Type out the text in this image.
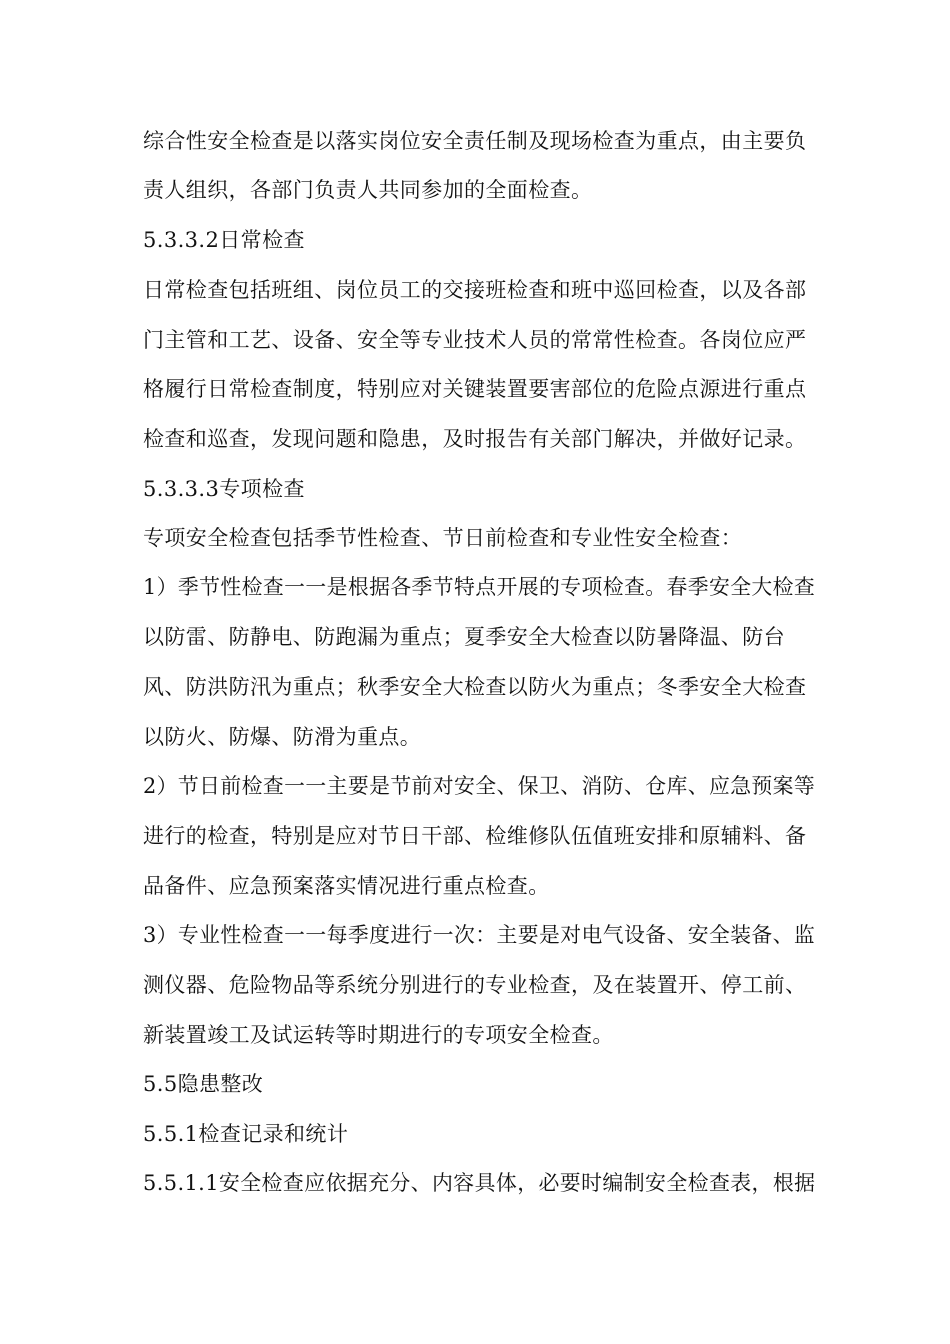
综合性安全检查是以落实岗位安全责任制及现场检查为重点，由主要负

责人组织，各部门负责人共同参加的全面检查。

5.3.3.2日常检查

日常检查包括班组、岗位员工的交接班检查和班中巡回检查，以及各部

门主管和工艺、设备、安全等专业技术人员的常常性检查。各岗位应严

格履行日常检查制度，特别应对关键装置要害部位的危险点源进行重点

检查和巡查，发现问题和隐患，及时报告有关部门解决，并做好记录。

5.3.3.3专项检查

专项安全检查包括季节性检查、节日前检查和专业性安全检查：

1）季节性检查一一是根据各季节特点开展的专项检查。春季安全大检查

以防雷、防静电、防跑漏为重点；夏季安全大检查以防暑降温、防台

风、防洪防汛为重点；秋季安全大检查以防火为重点；冬季安全大检查

以防火、防爆、防滑为重点。

2）节日前检查一一主要是节前对安全、保卫、消防、仓库、应急预案等

进行的检查，特别是应对节日干部、检维修队伍值班安排和原辅料、备

品备件、应急预案落实情况进行重点检查。

3）专业性检查一一每季度进行一次：主要是对电气设备、安全装备、监

测仪器、危险物品等系统分别进行的专业检查，及在装置开、停工前、

新装置竣工及试运转等时期进行的专项安全检查。

5.5隐患整改

5.5.1检查记录和统计

5.5.1.1安全检查应依据充分、内容具体，必要时编制安全检查表，根据
